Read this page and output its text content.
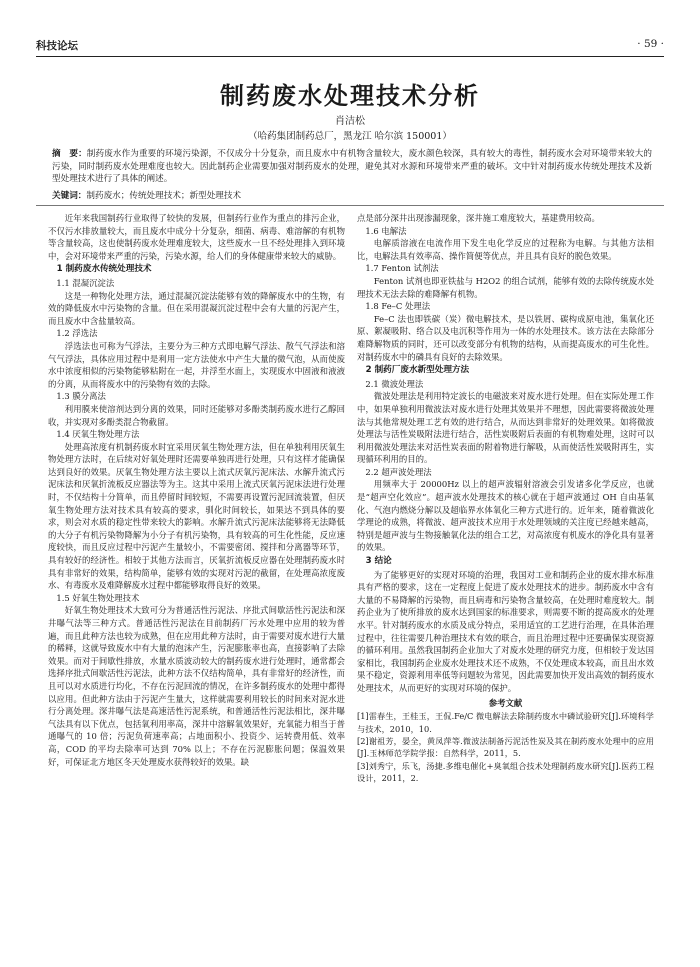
科技论坛	· 59 ·
制药废水处理技术分析
肖洁松
（哈药集团制药总厂，黑龙江 哈尔滨 150001）
摘　要：制药废水作为重要的环境污染源，不仅成分十分复杂，而且废水中有机物含量较大，废水颜色较深，具有较大的毒性，制药废水会对环境带来较大的污染，同时制药废水处理难度也较大。因此制药企业需要加强对制药废水的处理，避免其对水源和环境带来严重的破坏。文中针对制药废水传统处理技术及新型处理技术进行了具体的阐述。
关键词：制药废水；传统处理技术；新型处理技术

近年来我国制药行业取得了较快的发展，但制药行业作为重点的排污企业，不仅污水排放量较大，而且废水中成分十分复杂，细菌、病毒、难溶解的有机物等含量较高，这也使制药废水处理难度较大，这些废水一旦不经处理排入到环境中，会对环境带来严重的污染，污染水源，给人们的身体健康带来较大的威胁。

1 制药废水传统处理技术

1.1 混凝沉淀法

这是一种物化处理方法，通过混凝沉淀法能够有效的降解废水中的生物，有效的降低废水中污染物的含量。但在采用混凝沉淀过程中会有大量的污泥产生，而且废水中含盐量较高。

1.2 浮选法

浮选法也可称为气浮法，主要分为三种方式即电解气浮法、散气气浮法和溶气气浮法，具体应用过程中是利用一定方法使水中产生大量的微气泡，从而使废水中浓度相似的污染物能够粘附在一起，并浮至水面上，实现废水中固液和液液的分离，从而将废水中的污染物有效的去除。

1.3 膜分离法

利用膜来使溶剂达到分离的效果，同时还能够对多酚类制药废水进行乙醇回收，并实现对多酚类混合物截留。

1.4 厌氧生物处理方法

处理高浓度有机制药废水时宜采用厌氧生物处理方法，但在单独利用厌氧生物处理方法时，在后续对好氧处理时还需要单独再进行处理，只有这样才能确保达到良好的效果。厌氧生物处理方法主要以上流式厌氧污泥床法、水解升流式污泥床法和厌氧折流板反应器法等为主。这其中采用上流式厌氧污泥床法进行处理时，不仅结构十分简单，而且停留时间较短，不需要再设置污泥回流装置，但厌氧生物处理方法对技术具有较高的要求，驯化时间较长，如果达不到具体的要求，则会对水质的稳定性带来较大的影响。水解升流式污泥床法能够将无法降低的大分子有机污染物降解为小分子有机污染物，具有较高的可生化性能，反应速度较快，而且反应过程中污泥产生量较小，不需要密闭、搅拌和分离器等环节，具有较好的经济性。相较于其他方法而言，厌氧折流板反应器在处理制药废水时具有非常好的效果，结构简单，能够有效的实现对污泥的截留，在处理高浓度废水、有毒废水及难降解废水过程中都能够取得良好的效果。

1.5 好氧生物处理技术

好氧生物处理技术大致可分为普通活性污泥法、序批式间歇活性污泥法和深井曝气法等三种方式。普通活性污泥法在目前制药厂污水处理中应用的较为普遍，而且此种方法也较为成熟，但在应用此种方法时，由于需要对废水进行大量的稀释，这就导致废水中有大量的泡沫产生，污泥膨胀率也高，直接影响了去除效果。而对于间歇性排放，水量水质波动较大的制药废水进行处理时，通常都会选择序批式间歇活性污泥法，此种方法不仅结构简单，具有非常好的经济性，而且可以对水质进行均化，不存在污泥回流的情况，在许多制药废水的处理中都得以应用。但此种方法由于污泥产生量大，这样就需要利用较长的时间来对泥水进行分离处理。深井曝气法是高速活性污泥系统，和普通活性污泥法相比，深井曝气法具有以下优点，包括氧利用率高，深井中溶解氧效果好，充氧能力相当于普通曝气的 10 倍；污泥负荷速率高；占地面积小、投资少、运转费用低、效率高，COD 的平均去除率可达到 70% 以上；不存在污泥膨胀问题；保温效果好，可保证北方地区冬天处理废水获得较好的效果。缺

点是部分深井出现渗漏现象，深井施工难度较大，基建费用较高。

1.6 电解法

电解质溶液在电流作用下发生电化学反应的过程称为电解。与其他方法相比，电解法具有效率高、操作简便等优点，并且具有良好的脱色效果。

1.7 Fenton 试剂法

Fenton 试剂也即亚铁盐与 H2O2 的组合试剂，能够有效的去除传统废水处理技术无法去除的难降解有机物。

1.8 Fe–C 处理法

Fe–C 法也即铁碳（炭）微电解技术，是以铁屑、碳构成原电池，集氧化还原、絮凝吸附、络合以及电沉积等作用为一体的水处理技术。该方法在去除部分难降解物质的同时，还可以改变部分有机物的结构，从而提高废水的可生化性。对制药废水中的磷具有良好的去除效果。

2 制药厂废水新型处理方法

2.1 微波处理法

微波处理法是利用特定波长的电磁波来对废水进行处理。但在实际处理工作中，如果单独利用微波法对废水进行处理其效果并不理想，因此需要将微波处理法与其他常规处理工艺有效的进行结合，从而达到非常好的处理效果。如将微波处理法与活性炭吸附法进行结合，活性炭吸附后表面的有机物难处理，这时可以利用微波处理法来对活性炭表面的附着物进行解吸，从而使活性炭吸附再生，实现循环利用的目的。

2.2 超声波处理法

用频率大于 20000Hz 以上的超声波辐射溶液会引发诸多化学反应，也就是“超声空化效应”。超声波水处理技术的核心就在于超声波通过 OH 自由基氧化、气泡内燃烧分解以及超临界水体氧化三种方式进行的。近年来，随着微波化学理论的成熟，将微波、超声波技术应用于水处理领域的关注度已经越来越高，特别是超声波与生物接触氧化法的组合工艺，对高浓度有机废水的净化具有显著的效果。

3 结论

为了能够更好的实现对环境的治理，我国对工业和制药企业的废水排水标准具有严格的要求，这在一定程度上促进了废水处理技术的进步。制药废水中含有大量的不易降解的污染物，而且病毒和污染物含量较高，在处理时难度较大。制药企业为了使所排放的废水达到国家的标准要求，则需要不断的提高废水的处理水平。针对制药废水的水质及成分特点，采用适宜的工艺进行治理，在具体治理过程中，往往需要几种治理技术有效的联合，而且治理过程中还要确保实现资源的循环利用。虽然我国制药企业加大了对废水处理的研究力度，但相较于发达国家相比，我国制药企业废水处理技术还不成熟，不仅处理成本较高，而且出水效果不稳定，资源利用率低等问题较为常见，因此需要加快开发出高效的制药废水处理技术，从而更好的实现对环境的保护。

参考文献

[1]雷春生，王桂玉，王侃.Fe/C 微电解法去除制药废水中磷试验研究[J].环境科学与技术，2010，10.

[2]谢祖芳，晏全，黄凤萍等.微波法制备污泥活性炭及其在制药废水处理中的应用[J].玉林师范学院学报：自然科学，2011，5.

[3]刘秀宁，乐飞，汤捷.多维电催化+臭氧组合技术处理制药废水研究[J].医药工程设计，2011，2.
